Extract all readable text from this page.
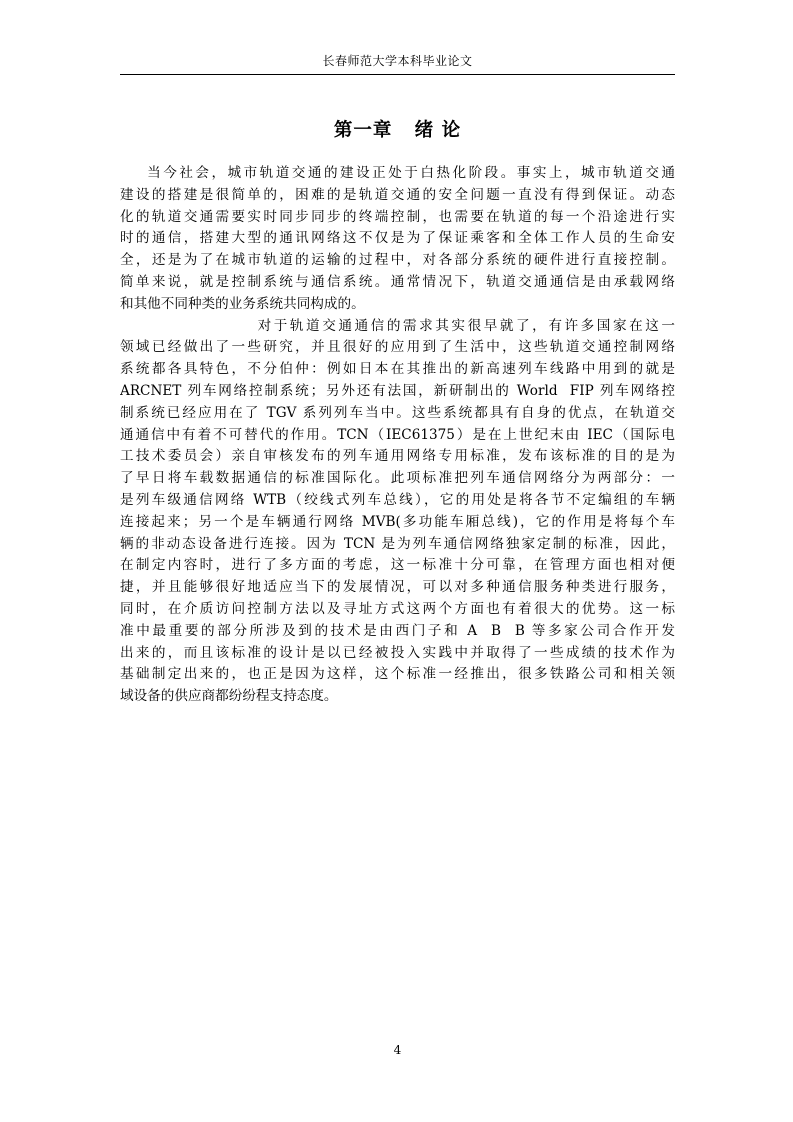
长春师范大学本科毕业论文
第一章   绪 论
当今社会，城市轨道交通的建设正处于白热化阶段。事实上，城市轨道交通
建设的搭建是很简单的，困难的是轨道交通的安全问题一直没有得到保证。动态
化的轨道交通需要实时同步同步的终端控制，也需要在轨道的每一个沿途进行实
时的通信，搭建大型的通讯网络这不仅是为了保证乘客和全体工作人员的生命安
全，还是为了在城市轨道的运输的过程中，对各部分系统的硬件进行直接控制。
简单来说，就是控制系统与通信系统。通常情况下，轨道交通通信是由承载网络
和其他不同种类的业务系统共同构成的。
对于轨道交通通信的需求其实很早就了，有许多国家在这一
领域已经做出了一些研究，并且很好的应用到了生活中，这些轨道交通控制网络
系统都各具特色，不分伯仲：例如日本在其推出的新高速列车线路中用到的就是
ARCNET 列车网络控制系统；另外还有法国，新研制出的 World  FIP 列车网络控
制系统已经应用在了 TGV 系列列车当中。这些系统都具有自身的优点，在轨道交
通通信中有着不可替代的作用。TCN（IEC61375）是在上世纪末由 IEC（国际电
工技术委员会）亲自审核发布的列车通用网络专用标准，发布该标准的目的是为
了早日将车载数据通信的标准国际化。此项标准把列车通信网络分为两部分：一
是列车级通信网络 WTB（绞线式列车总线），它的用处是将各节不定编组的车辆
连接起来；另一个是车辆通行网络 MVB(多功能车厢总线)，它的作用是将每个车
辆的非动态设备进行连接。因为 TCN 是为列车通信网络独家定制的标准，因此，
在制定内容时，进行了多方面的考虑，这一标准十分可靠，在管理方面也相对便
捷，并且能够很好地适应当下的发展情况，可以对多种通信服务种类进行服务，
同时，在介质访问控制方法以及寻址方式这两个方面也有着很大的优势。这一标
准中最重要的部分所涉及到的技术是由西门子和 A  B  B 等多家公司合作开发
出来的，而且该标准的设计是以已经被投入实践中并取得了一些成绩的技术作为
基础制定出来的，也正是因为这样，这个标准一经推出，很多铁路公司和相关领
域设备的供应商都纷纷程支持态度。
4
